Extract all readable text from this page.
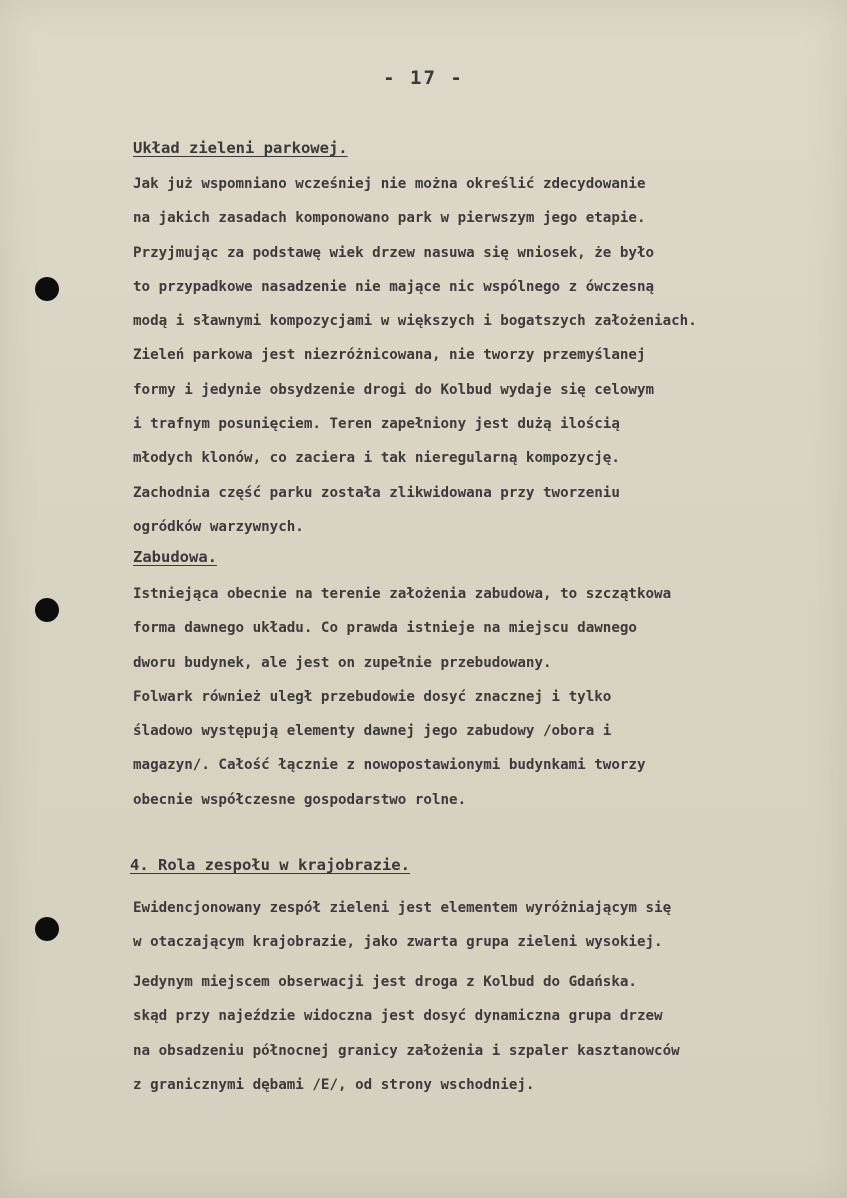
- 17 -
Układ zieleni parkowej.
Jak już wspomniano wcześniej nie można określić zdecydowanie
na jakich zasadach komponowano park w pierwszym jego etapie.
Przyjmując za podstawę wiek drzew nasuwa się wniosek, że było
to przypadkowe nasadzenie nie mające nic wspólnego z ówczesną
modą i sławnymi kompozycjami w większych i bogatszych założeniach.
Zieleń parkowa jest niezróżnicowana, nie tworzy przemyślanej
formy i jedynie obsydzenie drogi do Kolbud wydaje się celowym
i trafnym posunięciem. Teren zapełniony jest dużą ilością
młodych klonów, co zaciera i tak nieregularną kompozycję.
Zachodnia część parku została zlikwidowana przy tworzeniu
ogródków warzywnych.
Zabudowa.
Istniejąca obecnie na terenie założenia zabudowa, to szczątkowa
forma dawnego układu. Co prawda istnieje na miejscu dawnego
dworu budynek, ale jest on zupełnie przebudowany.
Folwark również uległ przebudowie dosyć znacznej i tylko
śladowo występują elementy dawnej jego zabudowy /obora i
magazyn/. Całość łącznie z nowopostawionymi budynkami tworzy
obecnie współczesne gospodarstwo rolne.
4. Rola zespołu w krajobrazie.
Ewidencjonowany zespół zieleni jest elementem wyróżniającym się
w otaczającym krajobrazie, jako zwarta grupa zieleni wysokiej.
Jedynym miejscem obserwacji jest droga z Kolbud do Gdańska.
skąd przy najeździe widoczna jest dosyć dynamiczna grupa drzew
na obsadzeniu północnej granicy założenia i szpaler kasztanowców
z granicznymi dębami /E/, od strony wschodniej.
